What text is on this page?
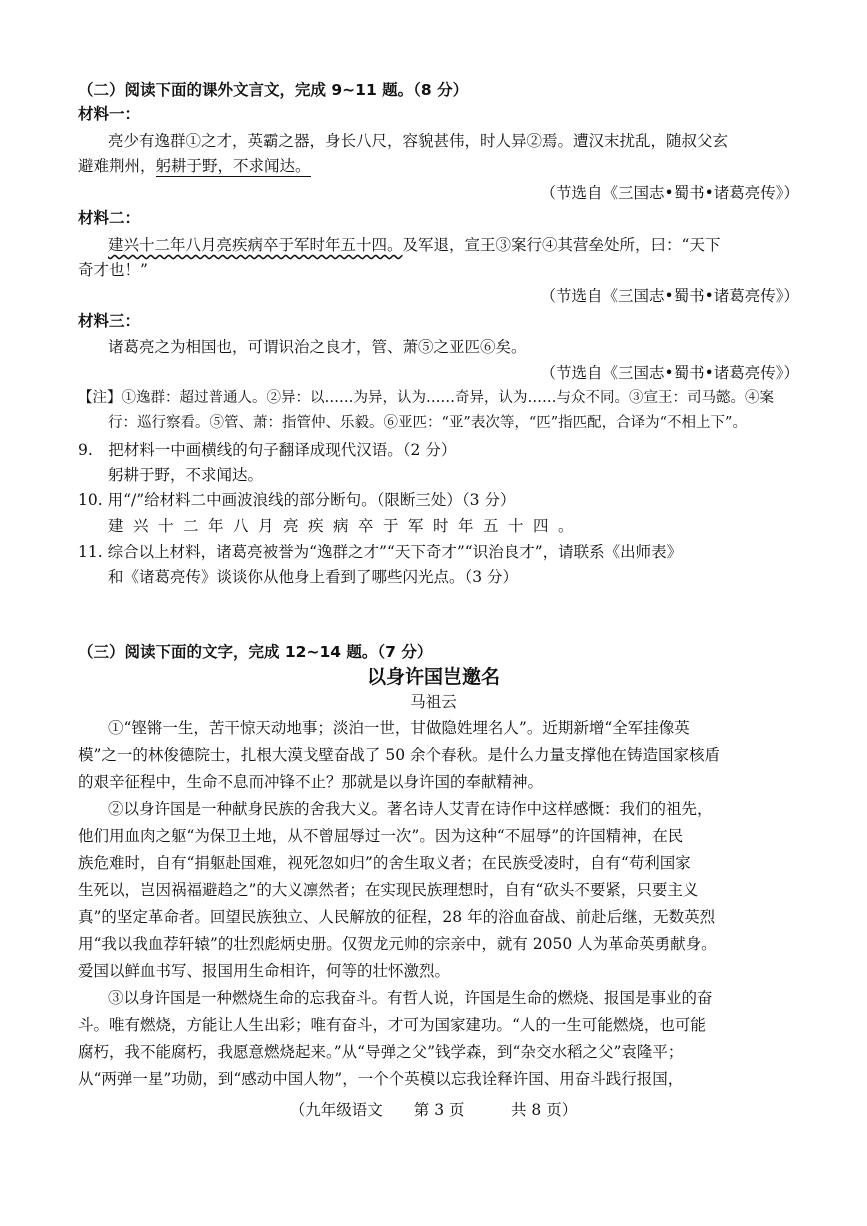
（二）阅读下面的课外文言文，完成 9~11 题。（8 分）
材料一：
亮少有逸群①之才，英霸之器，身长八尺，容貌甚伟，时人异②焉。遭汉末扰乱，随叔父玄
避难荆州，躬耕于野，不求闻达。
（节选自《三国志•蜀书•诸葛亮传》）
材料二：
建兴十二年八月亮疾病卒于军时年五十四。及军退，宣王③案行④其营垒处所，曰：“天下
奇才也！”
（节选自《三国志•蜀书•诸葛亮传》）
材料三：
诸葛亮之为相国也，可谓识治之良才，管、萧⑤之亚匹⑥矣。
（节选自《三国志•蜀书•诸葛亮传》）
【注】①逸群：超过普通人。②异：以……为异，认为……奇异，认为……与众不同。③宣王：司马懿。④案
行：巡行察看。⑤管、萧：指管仲、乐毅。⑥亚匹：“亚”表次等，“匹”指匹配，合译为“不相上下”。
9.　把材料一中画横线的句子翻译成现代汉语。（2 分）
躬耕于野，不求闻达。
10. 用“/”给材料二中画波浪线的部分断句。（限断三处）（3 分）
建兴十二年八月亮疾病卒于军时年五十四。
11. 综合以上材料，诸葛亮被誉为“逸群之才”“天下奇才”“识治良才”，请联系《出师表》
和《诸葛亮传》谈谈你从他身上看到了哪些闪光点。（3 分）
（三）阅读下面的文字，完成 12~14 题。（7 分）
以身许国岂邀名
马祖云
①“铿锵一生，苦干惊天动地事；淡泊一世，甘做隐姓埋名人”。近期新增“全军挂像英
模”之一的林俊德院士，扎根大漠戈壁奋战了 50 余个春秋。是什么力量支撑他在铸造国家核盾
的艰辛征程中，生命不息而冲锋不止？那就是以身许国的奉献精神。
②以身许国是一种献身民族的舍我大义。著名诗人艾青在诗作中这样感慨：我们的祖先，
他们用血肉之躯“为保卫土地，从不曾屈辱过一次”。因为这种“不屈辱”的许国精神，在民
族危难时，自有“捐躯赴国难，视死忽如归”的舍生取义者；在民族受凌时，自有“苟利国家
生死以，岂因祸福避趋之”的大义凛然者；在实现民族理想时，自有“砍头不要紧，只要主义
真”的坚定革命者。回望民族独立、人民解放的征程，28 年的浴血奋战、前赴后继，无数英烈
用“我以我血荐轩辕”的壮烈彪炳史册。仅贺龙元帅的宗亲中，就有 2050 人为革命英勇献身。
爱国以鲜血书写、报国用生命相许，何等的壮怀激烈。
③以身许国是一种燃烧生命的忘我奋斗。有哲人说，许国是生命的燃烧、报国是事业的奋
斗。唯有燃烧，方能让人生出彩；唯有奋斗，才可为国家建功。“人的一生可能燃烧，也可能
腐朽，我不能腐朽，我愿意燃烧起来。”从“导弹之父”钱学森，到“杂交水稻之父”袁隆平；
从“两弹一星”功勋，到“感动中国人物”，一个个英模以忘我诠释许国、用奋斗践行报国，
（九年级语文　　第 3 页　　　共 8 页）
